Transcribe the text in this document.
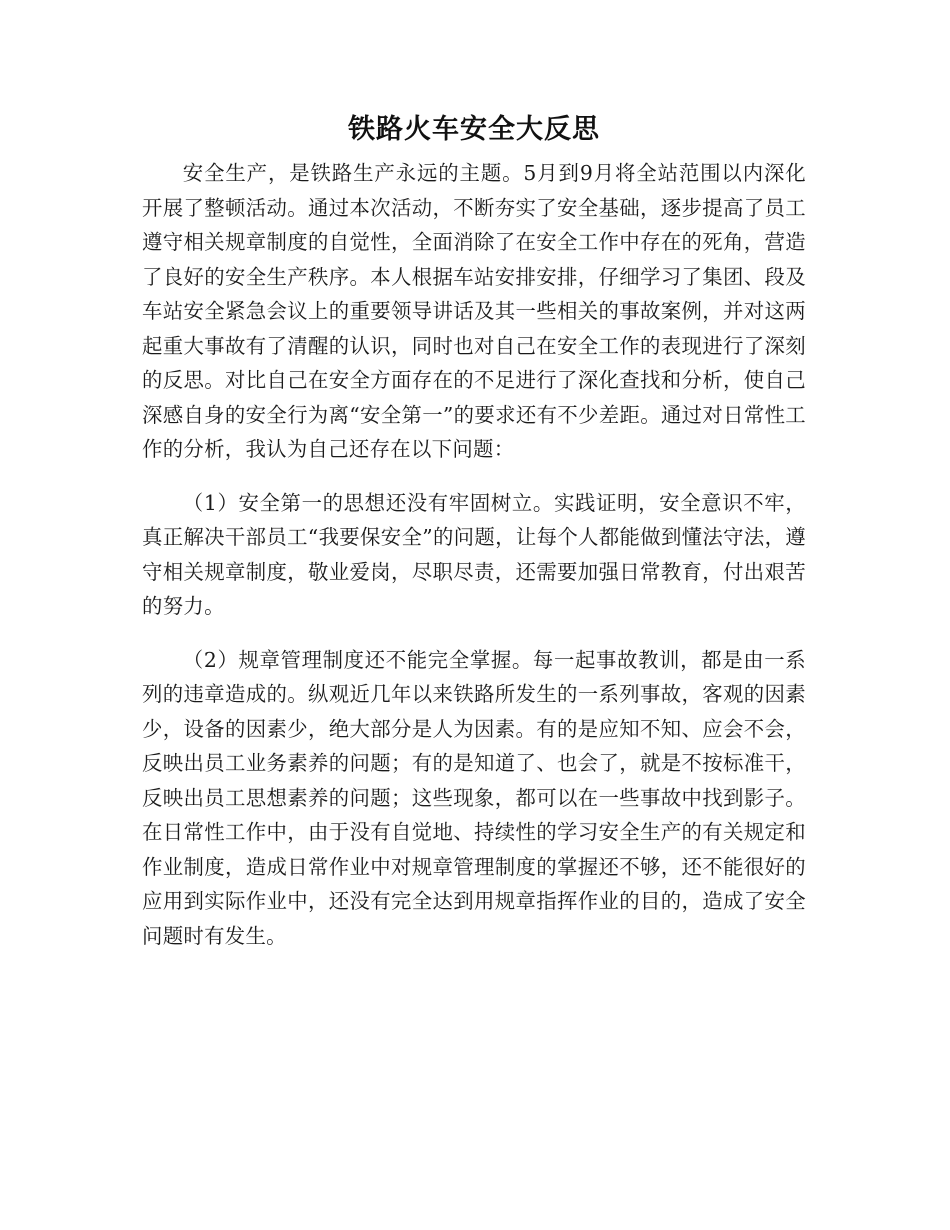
铁路火车安全大反思

安全生产，是铁路生产永远的主题。5月到9月将全站范围以内深化开展了整顿活动。通过本次活动，不断夯实了安全基础，逐步提高了员工遵守相关规章制度的自觉性，全面消除了在安全工作中存在的死角，营造了良好的安全生产秩序。本人根据车站安排安排，仔细学习了集团、段及车站安全紧急会议上的重要领导讲话及其一些相关的事故案例，并对这两起重大事故有了清醒的认识，同时也对自己在安全工作的表现进行了深刻的反思。对比自己在安全方面存在的不足进行了深化查找和分析，使自己深感自身的安全行为离“安全第一”的要求还有不少差距。通过对日常性工作的分析，我认为自己还存在以下问题：

（1）安全第一的思想还没有牢固树立。实践证明，安全意识不牢，真正解决干部员工“我要保安全”的问题，让每个人都能做到懂法守法，遵守相关规章制度，敬业爱岗，尽职尽责，还需要加强日常教育，付出艰苦的努力。

（2）规章管理制度还不能完全掌握。每一起事故教训，都是由一系列的违章造成的。纵观近几年以来铁路所发生的一系列事故，客观的因素少，设备的因素少，绝大部分是人为因素。有的是应知不知、应会不会，反映出员工业务素养的问题；有的是知道了、也会了，就是不按标准干，反映出员工思想素养的问题；这些现象，都可以在一些事故中找到影子。在日常性工作中，由于没有自觉地、持续性的学习安全生产的有关规定和作业制度，造成日常作业中对规章管理制度的掌握还不够，还不能很好的应用到实际作业中，还没有完全达到用规章指挥作业的目的，造成了安全问题时有发生。
